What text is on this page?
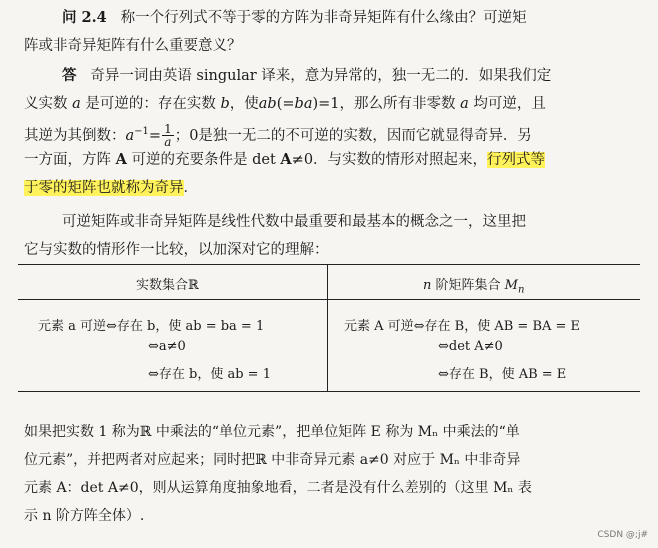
问 2.4 称一个行列式不等于零的方阵为非奇异矩阵有什么缘由？可逆矩
阵或非奇异矩阵有什么重要意义？
答 奇异一词由英语 singular 译来，意为异常的，独一无二的．如果我们定
义实数 a 是可逆的：存在实数 b，使ab(=ba)=1，那么所有非零数 a 均可逆，且
其逆为其倒数：$a^{-1}= \frac{1}{a}$ ；0是独一无二的不可逆的实数，因而它就显得奇异．另
一方面，方阵 A 可逆的充要条件是 det A≠0．与实数的情形对照起来，行列式等
于零的矩阵也就称为奇异．
可逆矩阵或非奇异矩阵是线性代数中最重要和最基本的概念之一，这里把
它与实数的情形作一比较，以加深对它的理解：
实数集合ℝ	n 阶矩阵集合 $M_n$
元素 a 可逆⇔存在 b，使 ab = ba = 1
⇔a≠0
⇔存在 b，使 ab = 1
元素 A 可逆⇔存在 B，使 AB = BA = E
⇔det A≠0
⇔存在 B，使 AB = E
如果把实数 1 称为ℝ 中乘法的“单位元素”，把单位矩阵 E 称为 Mₙ 中乘法的“单
位元素”，并把两者对应起来；同时把ℝ 中非奇异元素 a≠0 对应于 Mₙ 中非奇异
元素 A：det A≠0，则从运算角度抽象地看，二者是没有什么差别的（这里 Mₙ 表
示 n 阶方阵全体）.
CSDN @;j#
